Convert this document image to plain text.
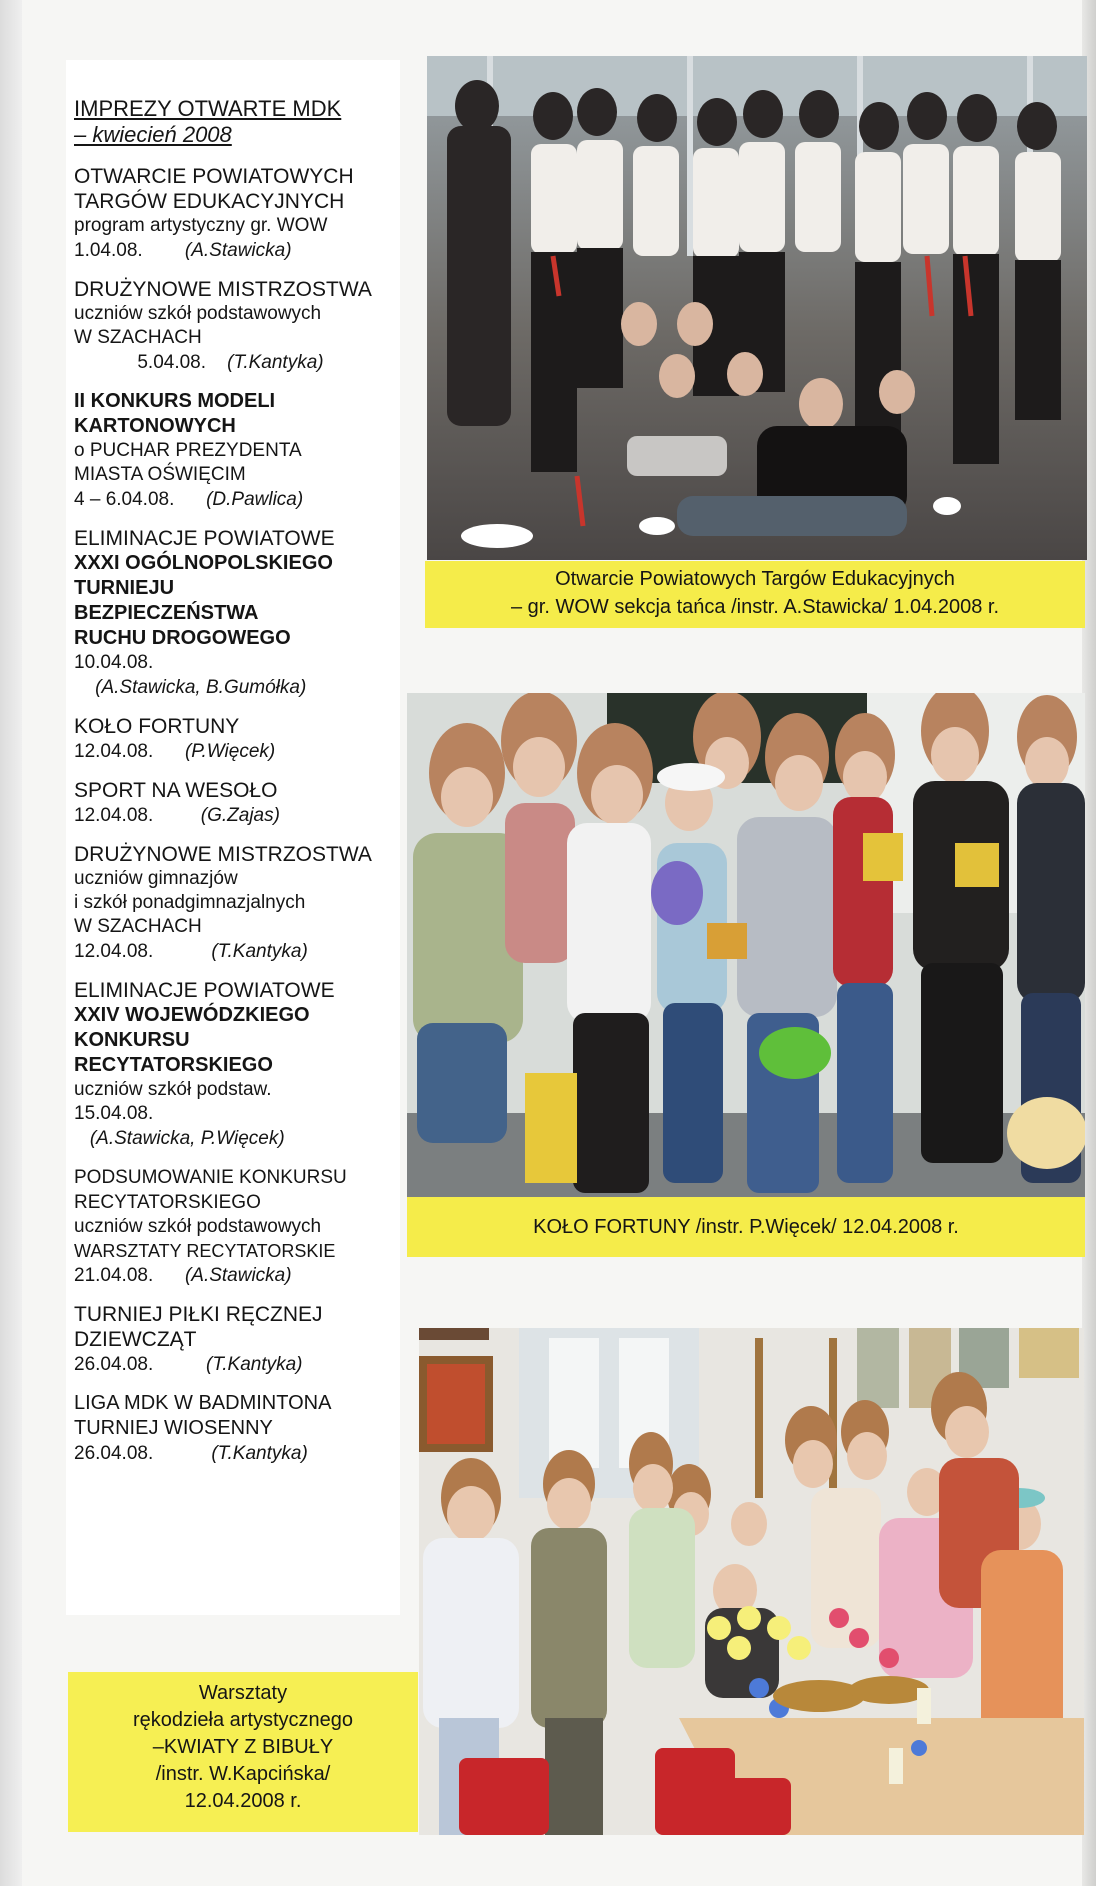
IMPREZY OTWARTE MDK
– kwiecień 2008
OTWARCIE POWIATOWYCH
TARGÓW EDUKACYJNYCH
program artystyczny gr. WOW
1.04.08. (A.Stawicka)
DRUŻYNOWE MISTRZOSTWA
uczniów szkół podstawowych
W SZACHACH
5.04.08. (T.Kantyka)
II KONKURS MODELI
KARTONOWYCH
o PUCHAR PREZYDENTA
MIASTA OŚWIĘCIM
4 – 6.04.08. (D.Pawlica)
ELIMINACJE POWIATOWE
XXXI OGÓLNOPOLSKIEGO
TURNIEJU
BEZPIECZEŃSTWA
RUCHU DROGOWEGO
10.04.08.
(A.Stawicka, B.Gumółka)
KOŁO FORTUNY
12.04.08. (P.Więcek)
SPORT NA WESOŁO
12.04.08.	(G.Zajas)
DRUŻYNOWE MISTRZOSTWA
uczniów gimnazjów
i szkół ponadgimnazjalnych
W SZACHACH
12.04.08.	(T.Kantyka)
ELIMINACJE POWIATOWE
XXIV WOJEWÓDZKIEGO
KONKURSU
RECYTATORSKIEGO
uczniów szkół podstaw.
15.04.08.
(A.Stawicka, P.Więcek)
PODSUMOWANIE KONKURSU
RECYTATORSKIEGO
uczniów szkół podstawowych
WARSZTATY RECYTATORSKIE
21.04.08. (A.Stawicka)
TURNIEJ PIŁKI RĘCZNEJ
DZIEWCZĄT
26.04.08.	(T.Kantyka)
LIGA MDK W BADMINTONA
TURNIEJ WIOSENNY
26.04.08.	(T.Kantyka)
Warsztaty
rękodzieła artystycznego
–KWIATY Z BIBUŁY
/instr. W.Kapcińska/
12.04.2008 r.
Otwarcie Powiatowych Targów Edukacyjnych
– gr. WOW sekcja tańca /instr. A.Stawicka/ 1.04.2008 r.
KOŁO FORTUNY /instr. P.Więcek/ 12.04.2008 r.
